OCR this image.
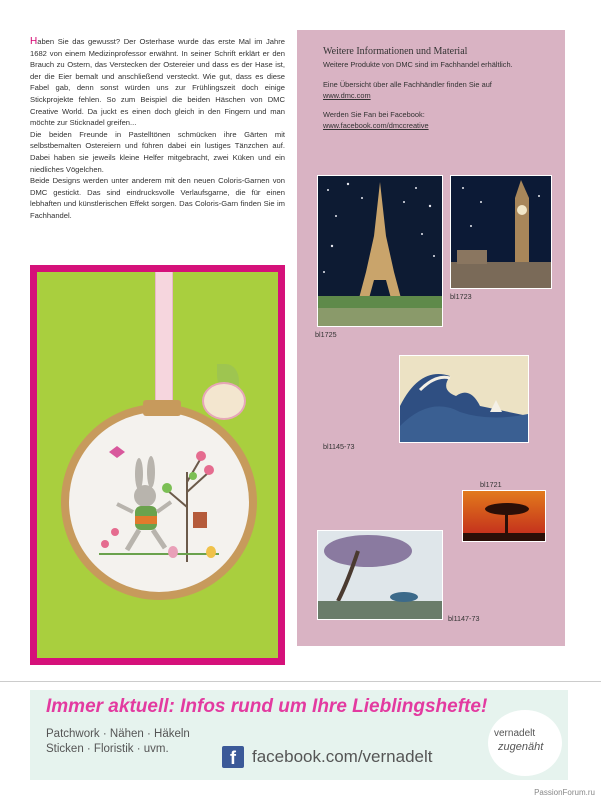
Haben Sie das gewusst? Der Osterhase wurde das erste Mal im Jahre 1682 von einem Medizinprofessor erwähnt. In seiner Schrift erklärt er den Brauch zu Ostern, das Verstecken der Ostereier und dass es der Hase ist, der die Eier bemalt und anschließend versteckt. Wie gut, dass es diese Fabel gab, denn sonst würden uns zur Frühlingszeit doch einige Stickprojekte fehlen. So zum Beispiel die beiden Häschen von DMC Creative World. Da juckt es einen doch gleich in den Fingern und man möchte zur Sticknadel greifen...

Die beiden Freunde in Pastelltönen schmücken ihre Gärten mit selbstbemalten Ostereiern und führen dabei ein lustiges Tänzchen auf. Dabei haben sie jeweils kleine Helfer mitgebracht, zwei Küken und ein niedliches Vögelchen.

Beide Designs werden unter anderem mit den neuen Coloris-Garnen von DMC gestickt. Das sind eindrucksvolle Verlaufsgarne, die für einen lebhaften und künstlerischen Effekt sorgen. Das Coloris-Garn finden Sie im Fachhandel.

Weitere Informationen und Material

Weitere Produkte von DMC sind im Fachhandel erhältlich.

Eine Übersicht über alle Fachhändler finden Sie auf
www.dmc.com

Werden Sie Fan bei Facebook:
www.facebook.com/dmccreative

bl1725
bl1723
bl1145-73
bl1721
bl1147-73
Immer aktuell: Infos rund um Ihre Lieblingshefte!
Patchwork · Nähen · Häkeln
Sticken · Floristik · uvm.	f facebook.com/vernadelt
vernadelt
zugenäht
PassionForum.ru
